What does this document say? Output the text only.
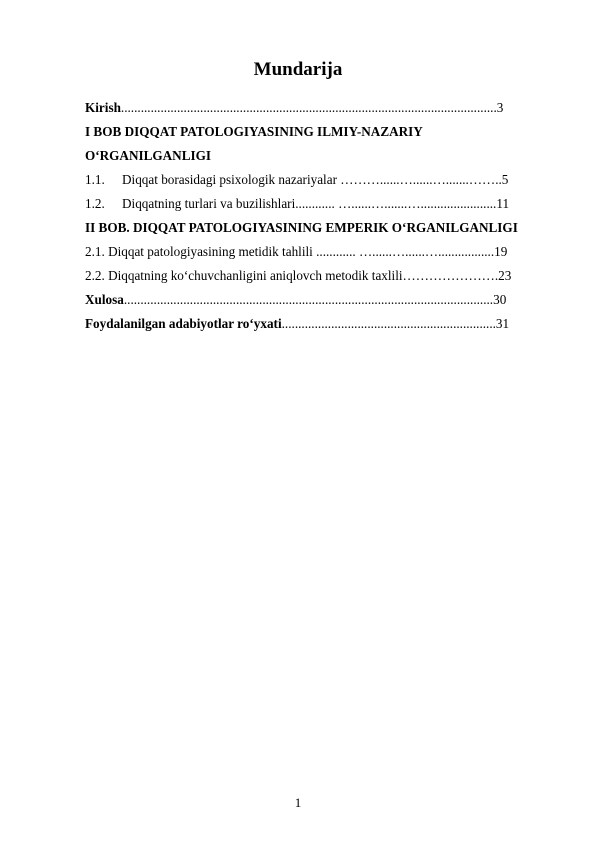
Mundarija
Kirish..................................................................................................................3
I BOB DIQQAT PATOLOGIYASINING ILMIY-NAZARIY
O‘RGANILGANLIGI
1.1. Diqqat borasidagi psixologik nazariyalar ………......…......….......……..5
1.2. Diqqatning turlari va buzilishlari............ …......….......….......................11
II BOB. DIQQAT PATOLOGIYASINING EMPERIK O‘RGANILGANLIGI
2.1. Diqqat patologiyasining metidik tahlili ............ …......…......….................19
2.2. Diqqatning ko‘chuvchanligini aniqlovch metodik taxlili………………….23
Xulosa................................................................................................................30
Foydalanilgan adabiyotlar ro‘yxati.................................................................31
1
